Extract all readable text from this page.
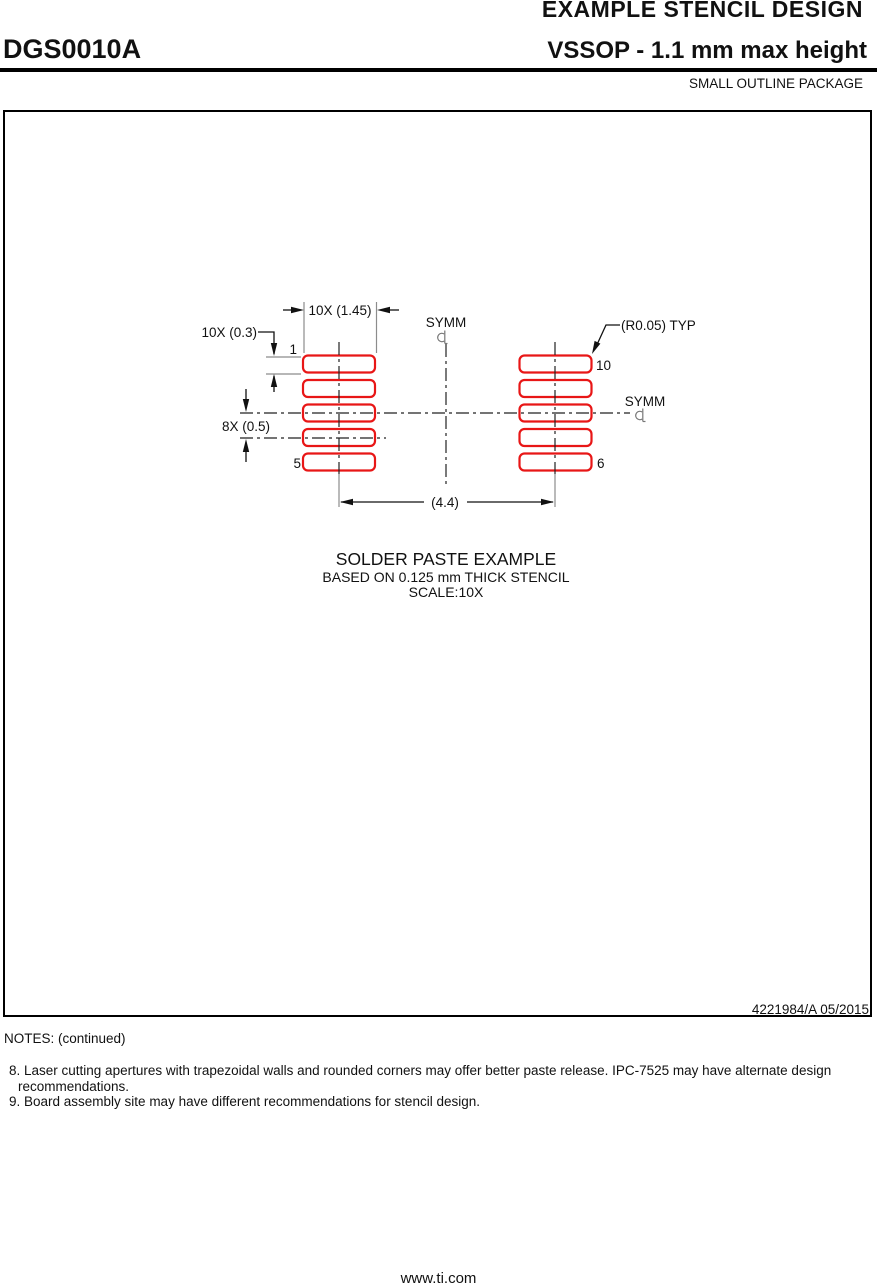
EXAMPLE STENCIL DESIGN
DGS0010A	VSSOP - 1.1 mm max height
SMALL OUTLINE PACKAGE
10X (1.45)
10X (0.3)
8X (0.5)
(4.4)
(R0.05) TYP
SYMM
SYMM
1
5
10
6
SOLDER PASTE EXAMPLE
BASED ON 0.125 mm THICK STENCIL
SCALE:10X
4221984/A 05/2015
NOTES: (continued)
8. Laser cutting apertures with trapezoidal walls and rounded corners may offer better paste release. IPC-7525 may have alternate design recommendations.
9. Board assembly site may have different recommendations for stencil design.
www.ti.com
